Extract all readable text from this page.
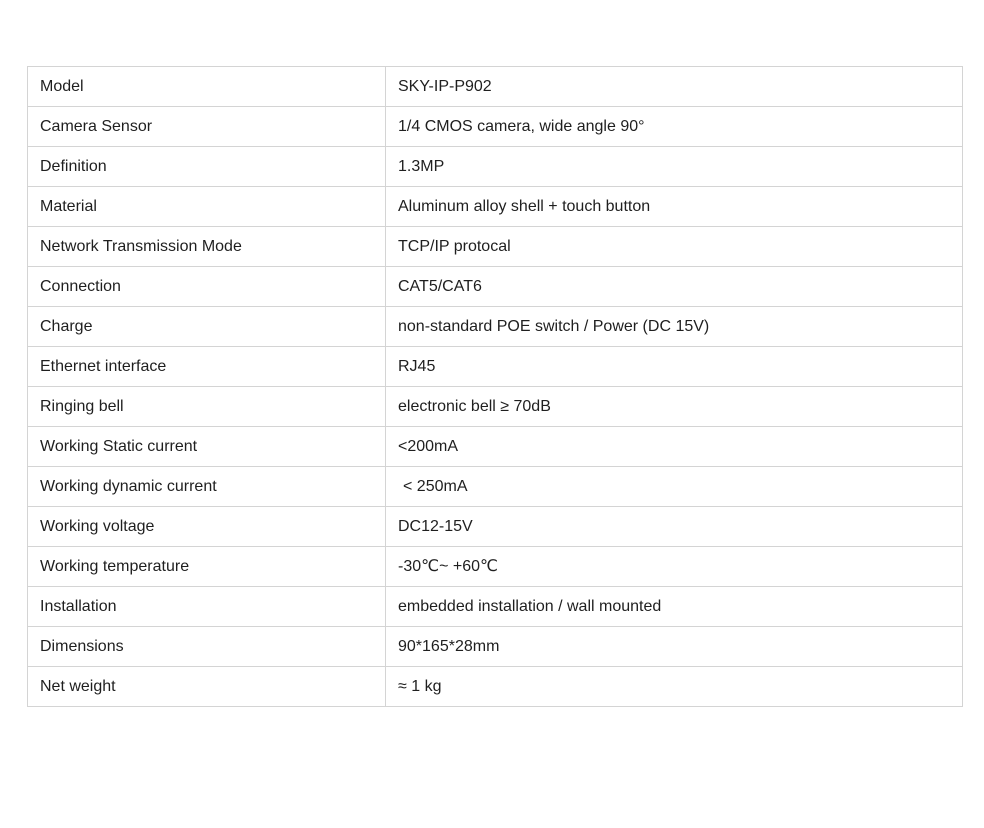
Model	SKY-IP-P902
Camera Sensor	1/4 CMOS camera, wide angle 90°
Definition	1.3MP
Material	Aluminum alloy shell + touch button
Network Transmission Mode	TCP/IP protocal
Connection	CAT5/CAT6
Charge	non-standard POE switch / Power (DC 15V)
Ethernet interface	RJ45
Ringing bell	electronic bell ≥ 70dB
Working Static current	<200mA
Working dynamic current	< 250mA
Working voltage	DC12-15V
Working temperature	-30℃~ +60℃
Installation	embedded installation / wall mounted
Dimensions	90*165*28mm
Net weight	≈ 1 kg
